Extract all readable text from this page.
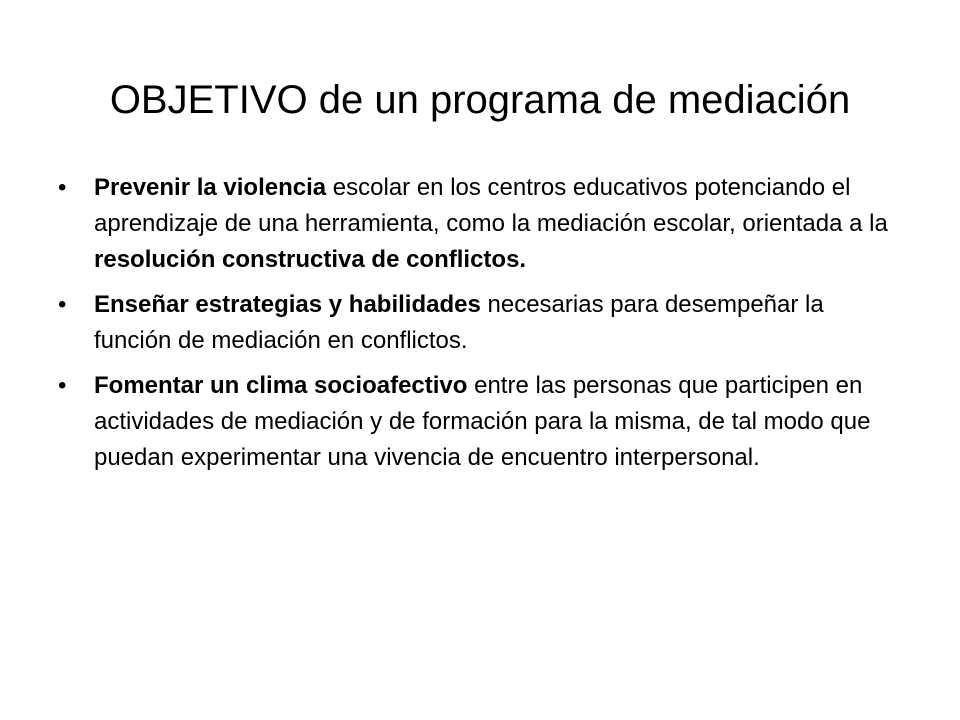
OBJETIVO de un programa de mediación
•	Prevenir la violencia escolar en los centros educativos potenciando el aprendizaje de una herramienta, como la mediación escolar, orientada a la resolución constructiva de conflictos.
•	Enseñar estrategias y habilidades necesarias para desempeñar la función de mediación en conflictos.
•	Fomentar un clima socioafectivo entre las personas que participen en actividades de mediación y de formación para la misma, de tal modo que puedan experimentar una vivencia de encuentro interpersonal.
